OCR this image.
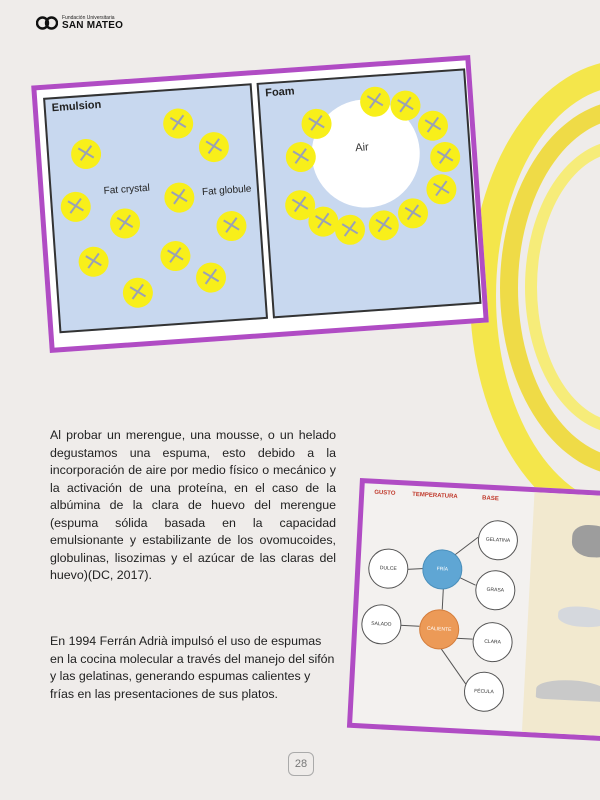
Fundación Universitaria
SAN MATEO
Emulsion
Fat crystal	Fat globule
Foam
Air

Al probar un merengue, una mousse, o un helado degustamos una espuma, esto debido a la incorporación de aire por medio físico o mecánico y la activación de una proteína, en el caso de la albúmina de la clara de huevo del merengue (espuma sólida basada en la capacidad emulsionante y estabilizante de los ovomucoides, globulinas, lisozimas y el azúcar de las claras del huevo)(DC, 2017).

En 1994 Ferrán Adrià impulsó el uso de espumas en la cocina molecular a través del manejo del sifón y las gelatinas, generando espumas calientes y frías en las presentaciones de sus platos.

GUSTO	TEMPERATURA	BASE
DULCE
SALADO
FRÍA
CALIENTE
GELATINA
GRASA
CLARA
FÉCULA
28
